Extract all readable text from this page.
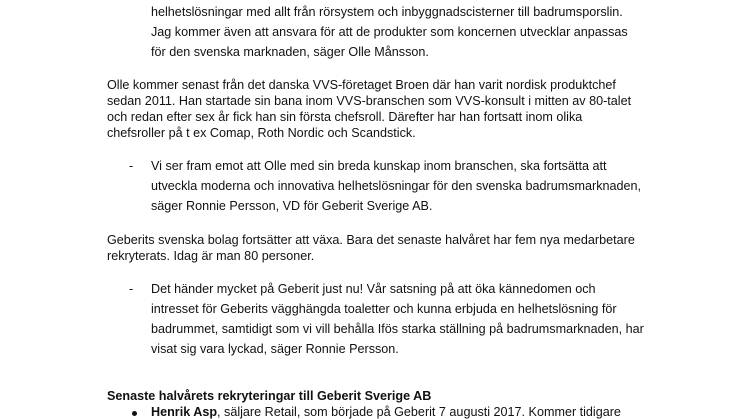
helhetslösningar med allt från rörsystem och inbyggnadscisterner till badrumsporslin.
Jag kommer även att ansvara för att de produkter som koncernen utvecklar anpassas
för den svenska marknaden, säger Olle Månsson.
Olle kommer senast från det danska VVS-företaget Broen där han varit nordisk produktchef
sedan 2011. Han startade sin bana inom VVS-branschen som VVS-konsult i mitten av 80-talet
och redan efter sex år fick han sin första chefsroll. Därefter har han fortsatt inom olika
chefsroller på t ex Comap, Roth Nordic och Scandstick.
- Vi ser fram emot att Olle med sin breda kunskap inom branschen, ska fortsätta att
utveckla moderna och innovativa helhetslösningar för den svenska badrumsmarknaden,
säger Ronnie Persson, VD för Geberit Sverige AB.
Geberits svenska bolag fortsätter att växa. Bara det senaste halvåret har fem nya medarbetare
rekryterats. Idag är man 80 personer.
- Det händer mycket på Geberit just nu! Vår satsning på att öka kännedomen och
intresset för Geberits vägghängda toaletter och kunna erbjuda en helhetslösning för
badrummet, samtidigt som vi vill behålla Ifös starka ställning på badrumsmarknaden, har
visat sig vara lyckad, säger Ronnie Persson.
Senaste halvårets rekryteringar till Geberit Sverige AB
Henrik Asp, säljare Retail, som började på Geberit 7 augusti 2017. Kommer tidigare
